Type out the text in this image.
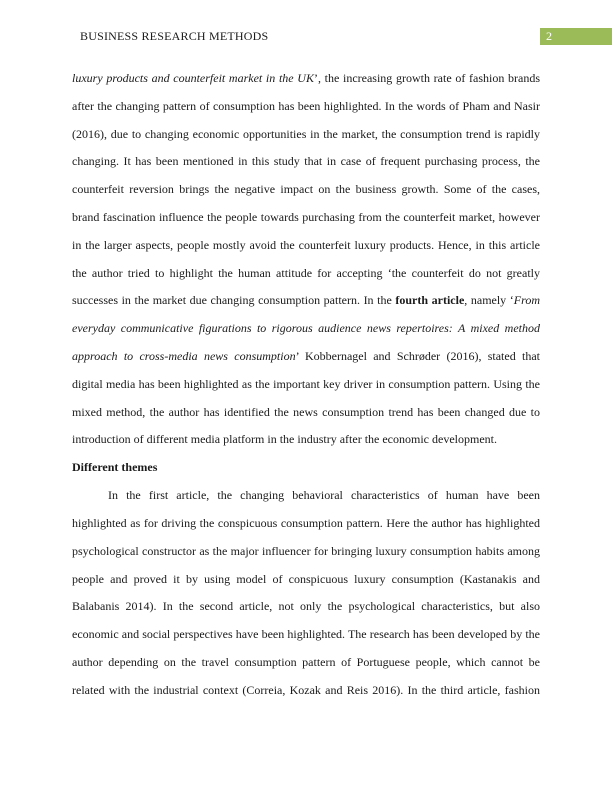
BUSINESS RESEARCH METHODS	2

luxury products and counterfeit market in the UK’, the increasing growth rate of fashion brands after the changing pattern of consumption has been highlighted. In the words of Pham and Nasir (2016), due to changing economic opportunities in the market, the consumption trend is rapidly changing. It has been mentioned in this study that in case of frequent purchasing process, the counterfeit reversion brings the negative impact on the business growth. Some of the cases, brand fascination influence the people towards purchasing from the counterfeit market, however in the larger aspects, people mostly avoid the counterfeit luxury products. Hence, in this article the author tried to highlight the human attitude for accepting ‘the counterfeit do not greatly successes in the market due changing consumption pattern. In the fourth article, namely ‘From everyday communicative figurations to rigorous audience news repertoires: A mixed method approach to cross-media news consumption’ Kobbernagel and Schrøder (2016), stated that digital media has been highlighted as the important key driver in consumption pattern. Using the mixed method, the author has identified the news consumption trend has been changed due to introduction of different media platform in the industry after the economic development.

Different themes

In the first article, the changing behavioral characteristics of human have been highlighted as for driving the conspicuous consumption pattern. Here the author has highlighted psychological constructor as the major influencer for bringing luxury consumption habits among people and proved it by using model of conspicuous luxury consumption (Kastanakis and Balabanis 2014). In the second article, not only the psychological characteristics, but also economic and social perspectives have been highlighted. The research has been developed by the author depending on the travel consumption pattern of Portuguese people, which cannot be related with the industrial context (Correia, Kozak and Reis 2016). In the third article, fashion
